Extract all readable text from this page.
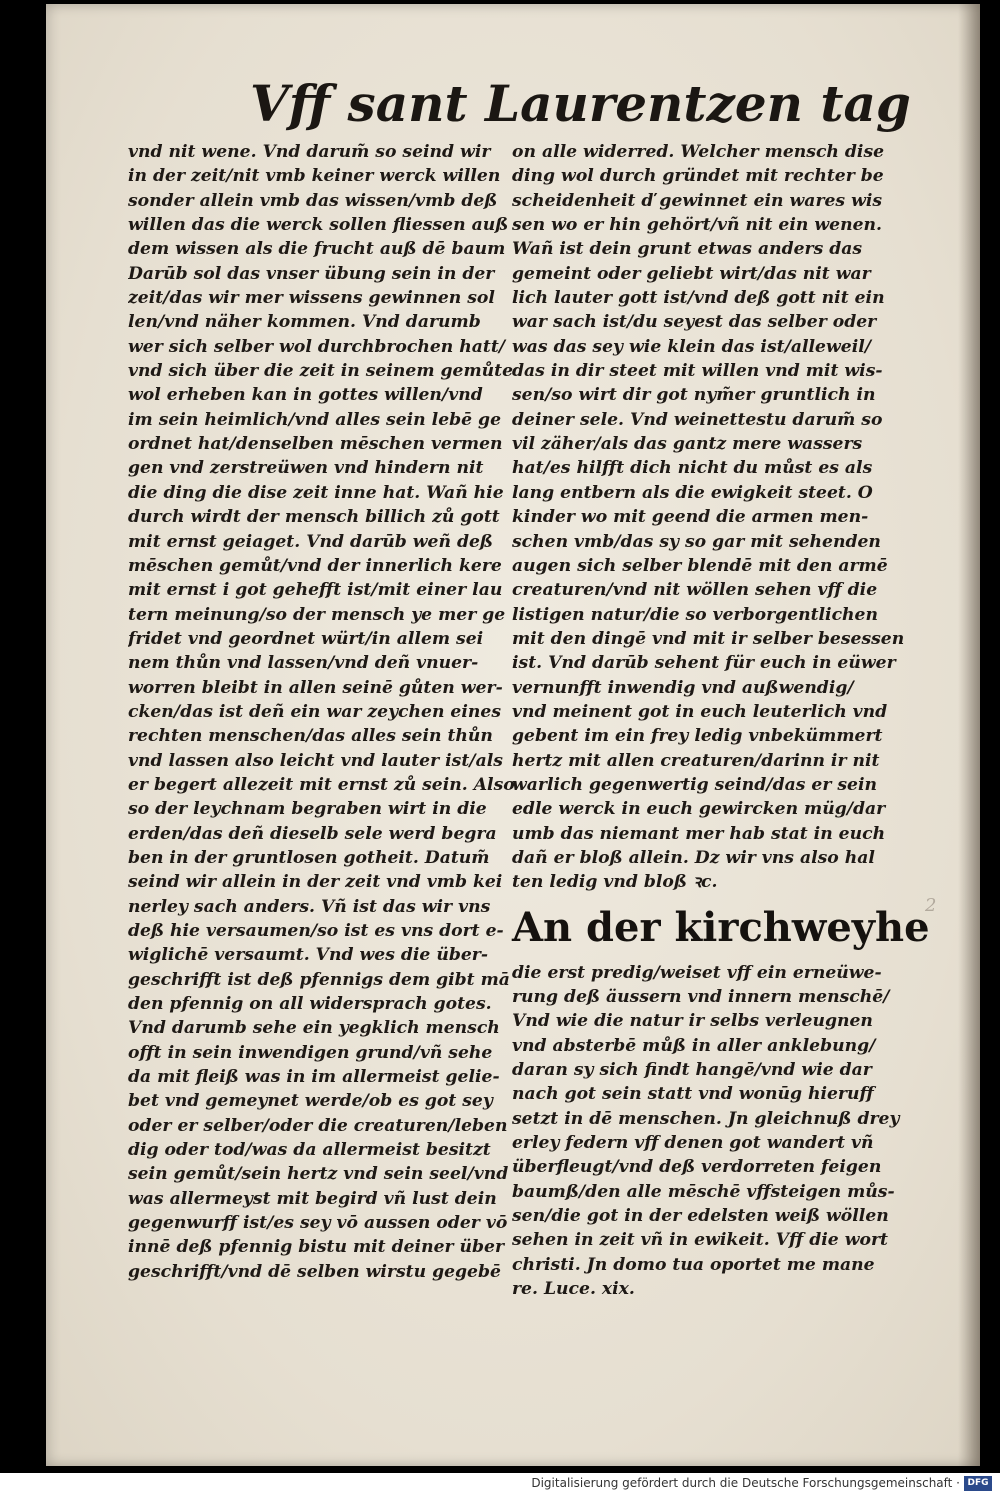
Vff sant Laurentzen tag
vnd nit wene. Vnd darum̃ so seind wir
in der zeit/nit vmb keiner werck willen
sonder allein vmb das wissen/vmb deß
willen das die werck sollen fliessen auß
dem wissen als die frucht auß dē baum
Darūb sol das vnser übung sein in der
zeit/das wir mer wissens gewinnen sol
len/vnd näher kommen. Vnd darumb
wer sich selber wol durchbrochen hatt/
vnd sich über die zeit in seinem gemůte
wol erheben kan in gottes willen/vnd
im sein heimlich/vnd alles sein lebē ge
ordnet hat/denselben mēschen vermen
gen vnd zerstreüwen vnd hindern nit
die ding die dise zeit inne hat. Wañ hie
durch wirdt der mensch billich zů gott
mit ernst geiaget. Vnd darūb weñ deß
mēschen gemůt/vnd der innerlich kere
mit ernst i got gehefft ist/mit einer lau
tern meinung/so der mensch ye mer ge
fridet vnd geordnet würt/in allem sei
nem thůn vnd lassen/vnd deñ vnuer-
worren bleibt in allen seinē gůten wer-
cken/das ist deñ ein war zeychen eines
rechten menschen/das alles sein thůn
vnd lassen also leicht vnd lauter ist/als
er begert allezeit mit ernst zů sein. Also
so der leychnam begraben wirt in die
erden/das deñ dieselb sele werd begra
ben in der gruntlosen gotheit. Datum̃
seind wir allein in der zeit vnd vmb kei
nerley sach anders. Vñ ist das wir vns
deß hie versaumen/so ist es vns dort e-
wiglichē versaumt. Vnd wes die über-
geschrifft ist deß pfennigs dem gibt mā
den pfennig on all widersprach gotes.
Vnd darumb sehe ein yegklich mensch
offt in sein inwendigen grund/vñ sehe
da mit fleiß was in im allermeist gelie-
bet vnd gemeynet werde/ob es got sey
oder er selber/oder die creaturen/leben
dig oder tod/was da allermeist besitzt
sein gemůt/sein hertz vnd sein seel/vnd
was allermeyst mit begird vñ lust dein
gegenwurff ist/es sey vō aussen oder vō
innē deß pfennig bistu mit deiner über
geschrifft/vnd dē selben wirstu gegebē
on alle widerred. Welcher mensch dise
ding wol durch gründet mit rechter be
scheidenheit ď gewinnet ein wares wis
sen wo er hin gehört/vñ nit ein wenen.
Wañ ist dein grunt etwas anders das
gemeint oder geliebt wirt/das nit war
lich lauter gott ist/vnd deß gott nit ein
war sach ist/du seyest das selber oder
was das sey wie klein das ist/alleweil/
das in dir steet mit willen vnd mit wis-
sen/so wirt dir got nym̃er gruntlich in
deiner sele. Vnd weinettestu darum̃ so
vil zäher/als das gantz mere wassers
hat/es hilfft dich nicht du můst es als
lang entbern als die ewigkeit steet. O
kinder wo mit geend die armen men-
schen vmb/das sy so gar mit sehenden
augen sich selber blendē mit den armē
creaturen/vnd nit wöllen sehen vff die
listigen natur/die so verborgentlichen
mit den dingē vnd mit ir selber besessen
ist. Vnd darūb sehent für euch in eüwer
vernunfft inwendig vnd außwendig/
vnd meinent got in euch leuterlich vnd
gebent im ein frey ledig vnbekümmert
hertz mit allen creaturen/darinn ir nit
warlich gegenwertig seind/das er sein
edle werck in euch gewircken müg/dar
umb das niemant mer hab stat in euch
dañ er bloß allein. Dz wir vns also hal
ten ledig vnd bloß ꝛc.
An der kirchweyhe
die erst predig/weiset vff ein erneüwe-
rung deß äussern vnd innern menschē/
Vnd wie die natur ir selbs verleugnen
vnd absterbē můß in aller anklebung/
daran sy sich findt hangē/vnd wie dar
nach got sein statt vnd wonūg hieruff
setzt in dē menschen. Jn gleichnuß drey
erley federn vff denen got wandert vñ
überfleugt/vnd deß verdorreten feigen
baumß/den alle mēschē vffsteigen můs-
sen/die got in der edelsten weiß wöllen
sehen in zeit vñ in ewikeit. Vff die wort
christi. Jn domo tua oportet me mane
re. Luce. xix.
2
Digitalisierung gefördert durch die Deutsche Forschungsgemeinschaft · DFG
